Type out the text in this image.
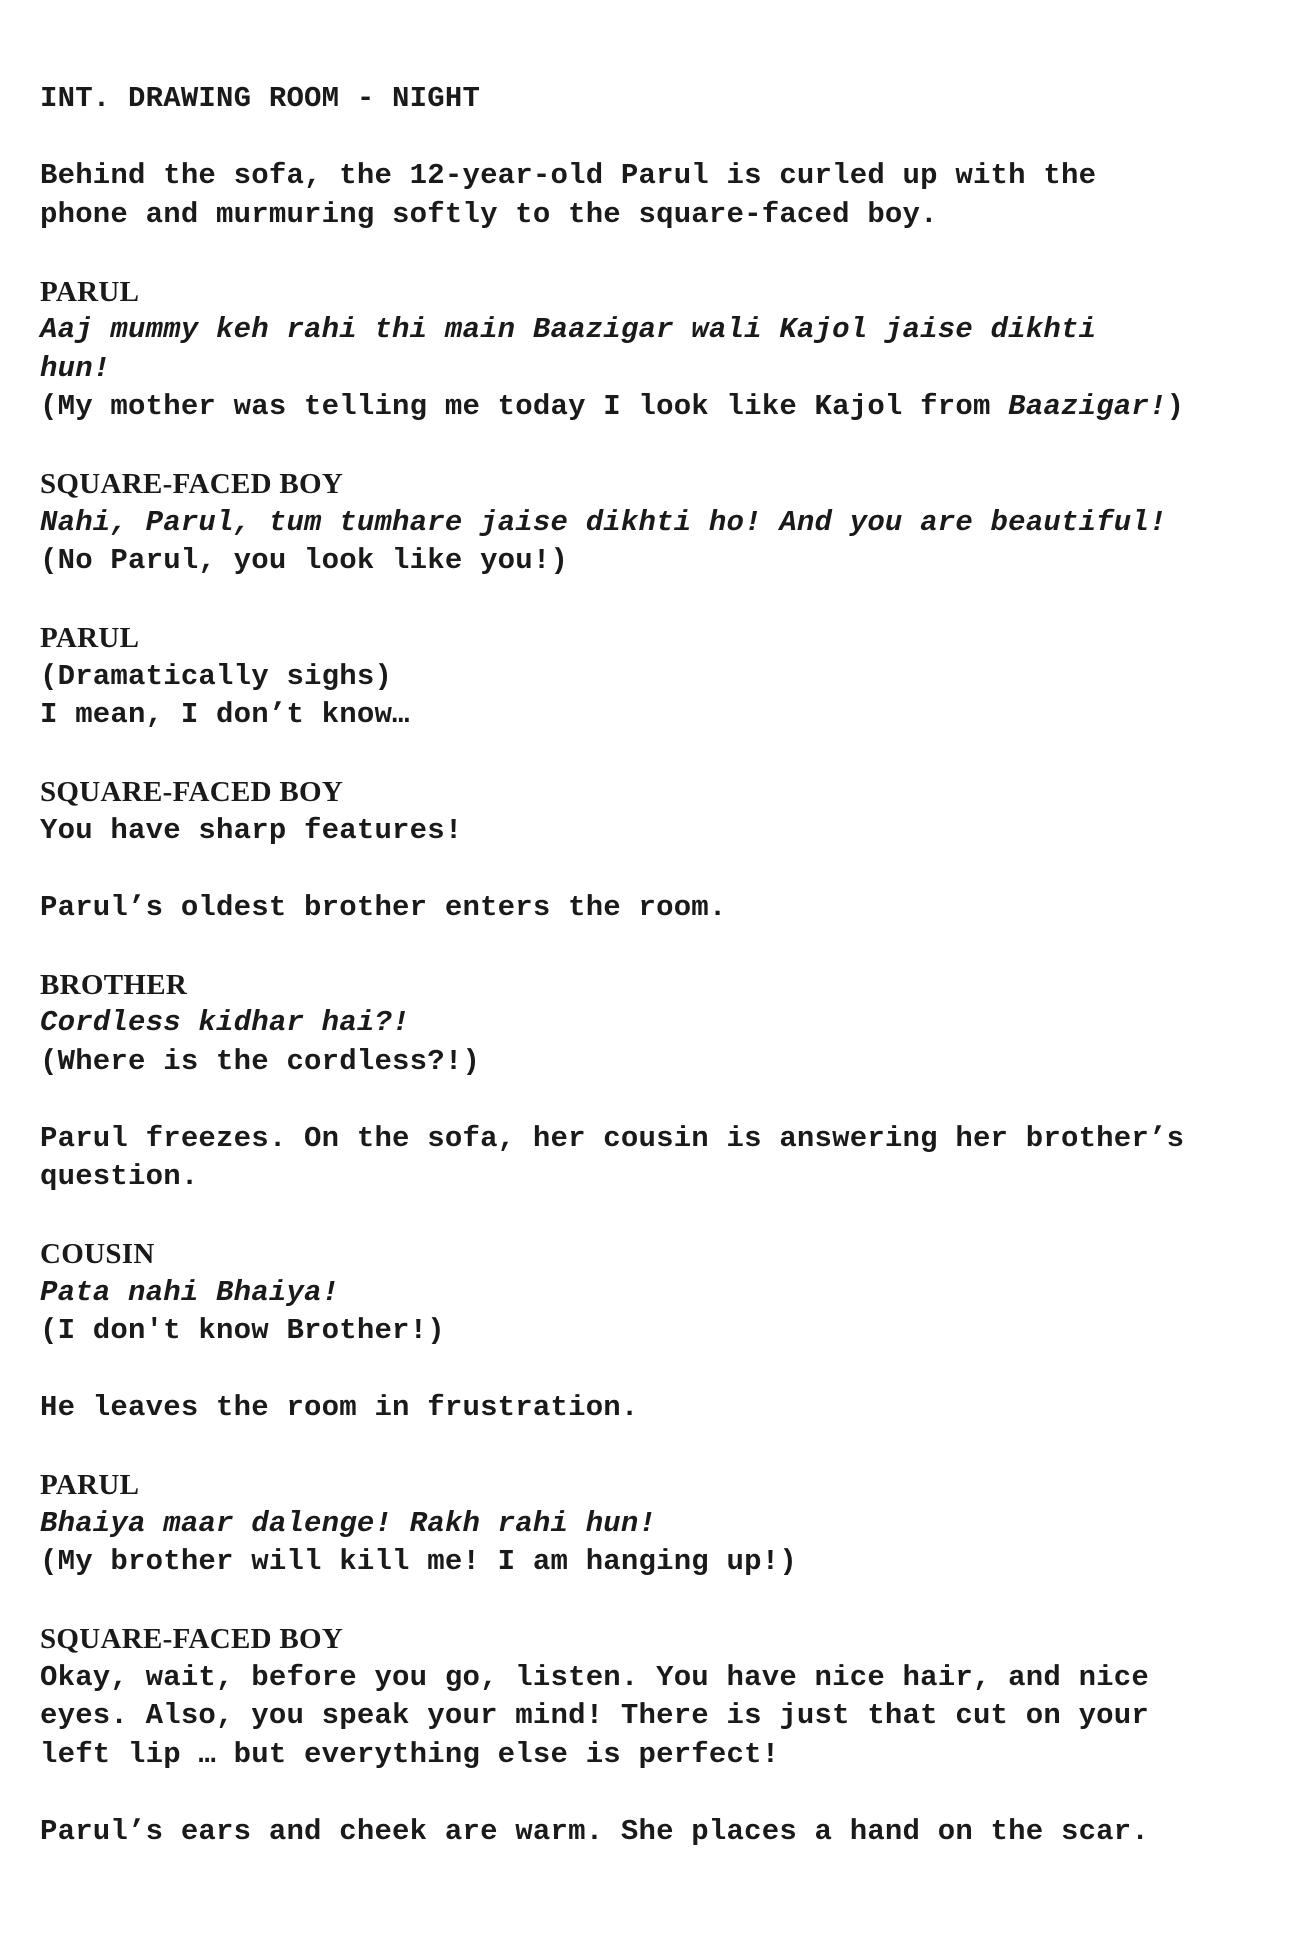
INT. DRAWING ROOM - NIGHT
Behind the sofa, the 12-year-old Parul is curled up with the
phone and murmuring softly to the square-faced boy.
PARUL
Aaj mummy keh rahi thi main Baazigar wali Kajol jaise dikhti
hun!
(My mother was telling me today I look like Kajol from Baazigar!)
SQUARE-FACED BOY
Nahi, Parul, tum tumhare jaise dikhti ho! And you are beautiful!
(No Parul, you look like you!)
PARUL
(Dramatically sighs)
I mean, I don’t know…
SQUARE-FACED BOY
You have sharp features!
Parul’s oldest brother enters the room.
BROTHER
Cordless kidhar hai?!
(Where is the cordless?!)
Parul freezes. On the sofa, her cousin is answering her brother’s
question.
COUSIN
Pata nahi Bhaiya!
(I don't know Brother!)
He leaves the room in frustration.
PARUL
Bhaiya maar dalenge! Rakh rahi hun!
(My brother will kill me! I am hanging up!)
SQUARE-FACED BOY
Okay, wait, before you go, listen. You have nice hair, and nice
eyes. Also, you speak your mind! There is just that cut on your
left lip … but everything else is perfect!
Parul’s ears and cheek are warm. She places a hand on the scar.
